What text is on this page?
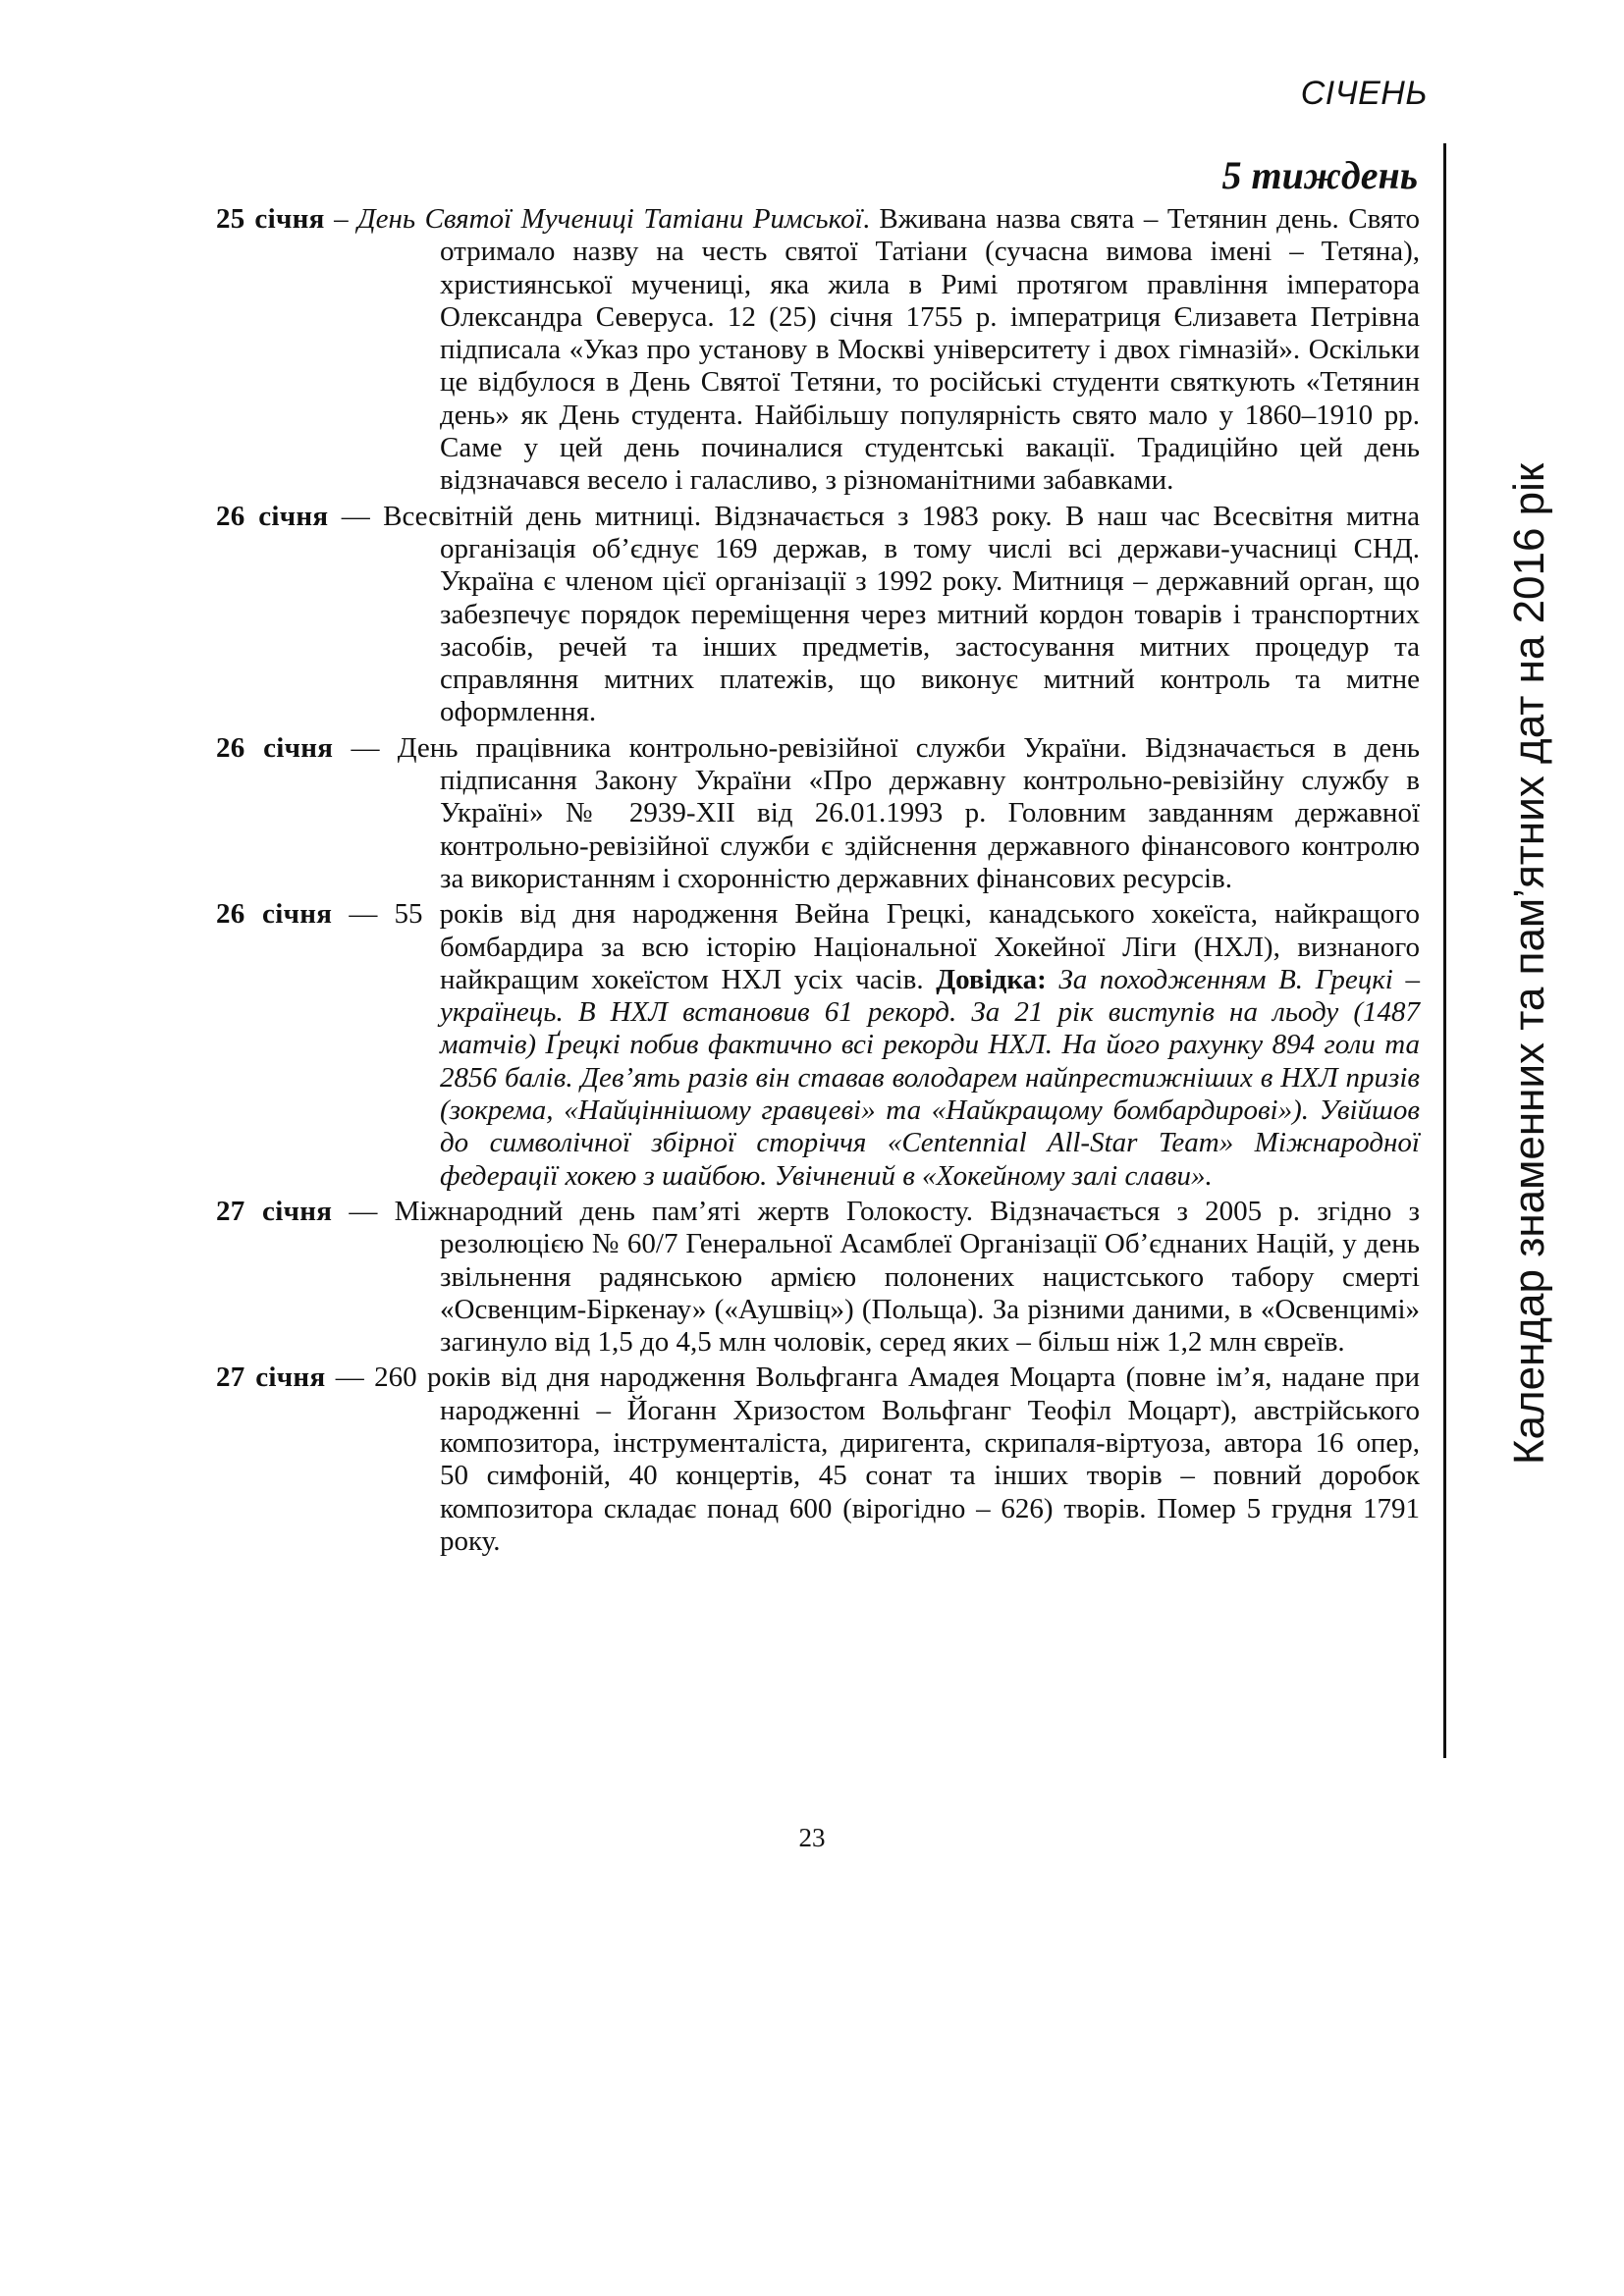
СІЧЕНЬ
Календар знаменних та пам’ятних дат на 2016 рік
5 тиждень

25 січня – День Святої Мучениці Татіани Римської. Вживана назва свята – Тетянин день. Свято отримало назву на честь святої Татіани (сучасна вимова імені – Тетяна), християнської мучениці, яка жила в Римі протягом правління імператора Олександра Северуса. 12 (25) січня 1755 р. імператриця Єлизавета Петрівна підписала «Указ про установу в Москві університету і двох гімназій». Оскільки це відбулося в День Святої Тетяни, то російські студенти святкують «Тетянин день» як День студента. Найбільшу популярність свято мало у 1860–1910 рр. Саме у цей день починалися студентські вакації. Традиційно цей день відзначався весело і галасливо, з різноманітними забавками.

26 січня — Всесвітній день митниці. Відзначається з 1983 року. В наш час Всесвітня митна організація об’єднує 169 держав, в тому числі всі держави-учасниці СНД. Україна є членом цієї організації з 1992 року. Митниця – державний орган, що забезпечує порядок переміщення через митний кордон товарів і транспортних засобів, речей та інших предметів, застосування митних процедур та справляння митних платежів, що виконує митний контроль та митне оформлення.

26 січня — День працівника контрольно-ревізійної служби України. Відзначається в день підписання Закону України «Про державну контрольно-ревізійну службу в Україні» № 2939-ХІІ від 26.01.1993 р. Головним завданням державної контрольно-ревізійної служби є здійснення державного фінансового контролю за використанням і схоронністю державних фінансових ресурсів.

26 січня — 55 років від дня народження Вейна Грецкі, канадського хокеїста, найкращого бомбардира за всю історію Національної Хокейної Ліги (НХЛ), визнаного найкращим хокеїстом НХЛ усіх часів. Довідка: За походженням В. Грецкі – українець. В НХЛ встановив 61 рекорд. За 21 рік виступів на льоду (1487 матчів) Ґрецкі побив фактично всі рекорди НХЛ. На його рахунку 894 голи та 2856 балів. Дев’ять разів він ставав володарем найпрестижніших в НХЛ призів (зокрема, «Найціннішому гравцеві» та «Найкращому бомбардирові»). Увійшов до символічної збірної сторіччя «Centennial All-Star Team» Міжнародної федерації хокею з шайбою. Увічнений в «Хокейному залі слави».

27 січня — Міжнародний день пам’яті жертв Голокосту. Відзначається з 2005 р. згідно з резолюцією № 60/7 Генеральної Асамблеї Організації Об’єднаних Націй, у день звільнення радянською армією полонених нацистського табору смерті «Освенцим-Біркенау» («Аушвіц») (Польща). За різними даними, в «Освенцимі» загинуло від 1,5 до 4,5 млн чоловік, серед яких – більш ніж 1,2 млн євреїв.

27 січня — 260 років від дня народження Вольфганга Амадея Моцарта (повне ім’я, надане при народженні – Йоганн Хризостом Вольфганг Теофіл Моцарт), австрійського композитора, інструменталіста, диригента, скрипаля-віртуоза, автора 16 опер, 50 симфоній, 40 концертів, 45 сонат та інших творів – повний доробок композитора складає понад 600 (вірогідно – 626) творів. Помер 5 грудня 1791 року.

23
